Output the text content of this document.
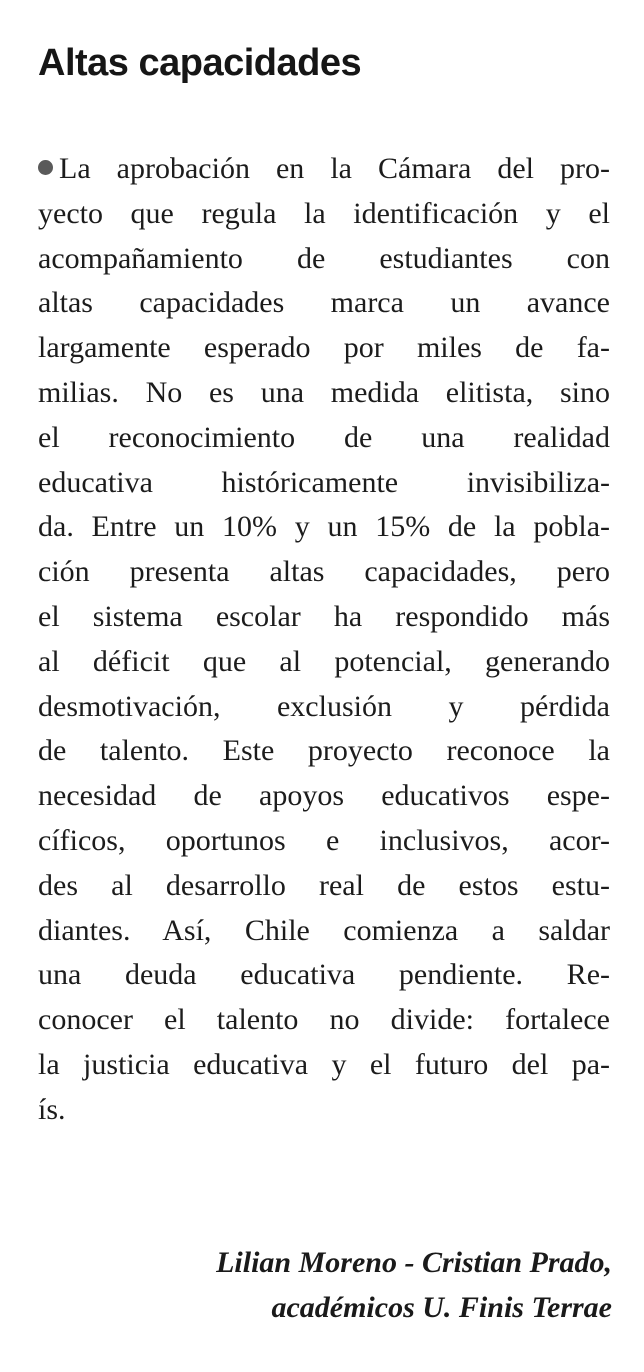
Altas capacidades
La aprobación en la Cámara del pro-
yecto que regula la identificación y el
acompañamiento de estudiantes con
altas capacidades marca un avance
largamente esperado por miles de fa-
milias. No es una medida elitista, sino
el reconocimiento de una realidad
educativa históricamente invisibiliza-
da. Entre un 10% y un 15% de la pobla-
ción presenta altas capacidades, pero
el sistema escolar ha respondido más
al déficit que al potencial, generando
desmotivación, exclusión y pérdida
de talento. Este proyecto reconoce la
necesidad de apoyos educativos espe-
cíficos, oportunos e inclusivos, acor-
des al desarrollo real de estos estu-
diantes. Así, Chile comienza a saldar
una deuda educativa pendiente. Re-
conocer el talento no divide: fortalece
la justicia educativa y el futuro del pa-
ís.

Lilian Moreno - Cristian Prado,
académicos U. Finis Terrae
